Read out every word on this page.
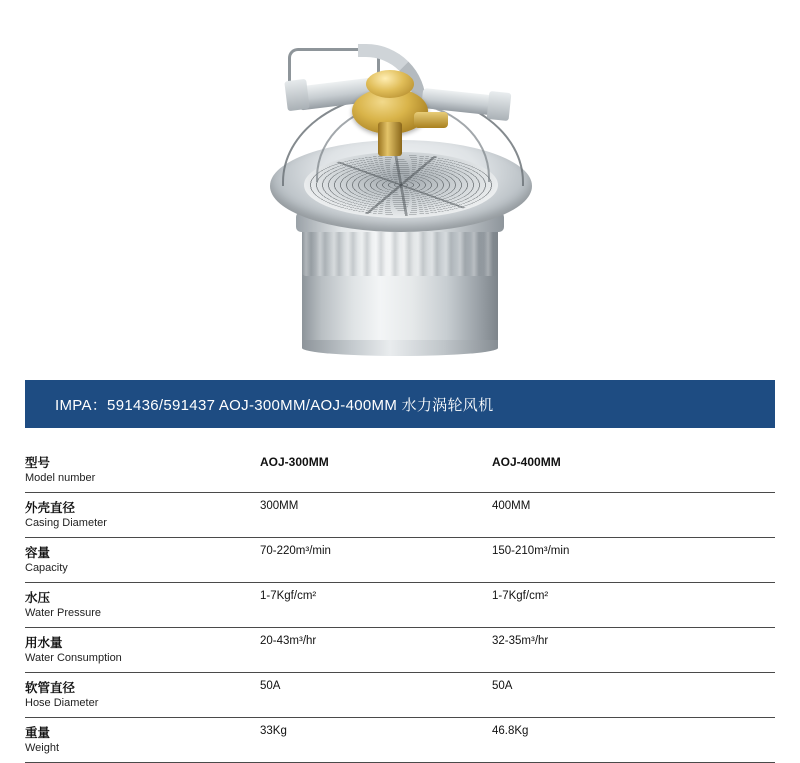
IMPA：591436/591437 AOJ-300MM/AOJ-400MM 水力涡轮风机
型号
Model number	AOJ-300MM	AOJ-400MM

外壳直径
Casing Diameter	300MM	400MM

容量
Capacity	70-220m³/min	150-210m³/min

水压
Water Pressure	1-7Kgf/cm²	1-7Kgf/cm²

用水量
Water Consumption	20-43m³/hr	32-35m³/hr

软管直径
Hose Diameter	50A	50A

重量
Weight	33Kg	46.8Kg
